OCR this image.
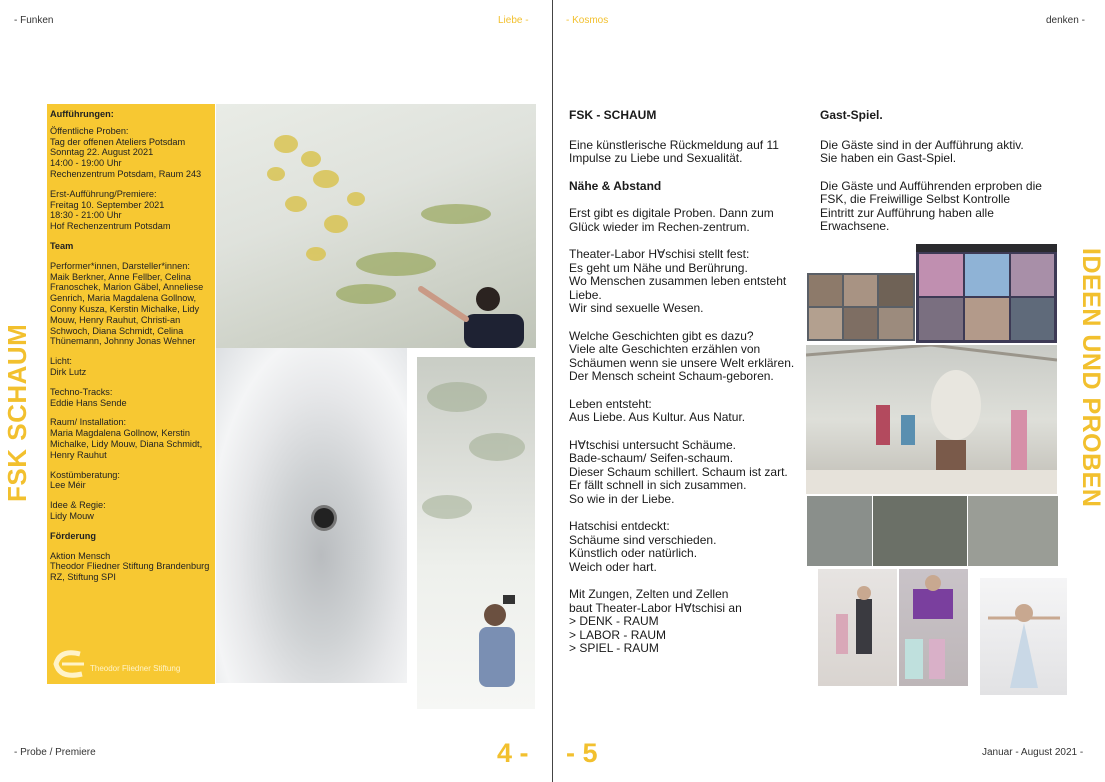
- Funken	Liebe -	- Kosmos	denken -
FSK SCHAUM	IDEEN UND PROBEN
Aufführungen:
Öffentliche Proben:
Tag der offenen Ateliers Potsdam
Sonntag 22. August 2021
14:00 - 19:00 Uhr
Rechenzentrum Potsdam, Raum 243
Erst-Aufführung/Premiere:
Freitag 10. September 2021
18:30 - 21:00 Uhr
Hof Rechenzentrum Potsdam
Team
Performer*innen, Darsteller*innen:
Maik Berkner, Anne Fellber, Celina Franoschek, Marion Gäbel, Anneliese Genrich, Maria Magdalena Gollnow, Conny Kusza, Kerstin Michalke, Lidy Mouw, Henry Rauhut, Christi-an Schwoch, Diana Schmidt, Celina Thünemann, Johnny Jonas Wehner
Licht:
Dirk Lutz
Techno-Tracks:
Eddie Hans Sende
Raum/ Installation:
Maria Magdalena Gollnow, Kerstin Michalke, Lidy Mouw, Diana Schmidt, Henry Rauhut
Kostümberatung:
Lee Méir
Idee & Regie:
Lidy Mouw
Förderung
Aktion Mensch
Theodor Fliedner Stiftung Brandenburg
RZ, Stiftung SPI
Theodor Fliedner Stiftung
FSK - SCHAUM
Eine künstlerische Rückmeldung auf 11
Impulse zu Liebe und Sexualität.
Nähe & Abstand
Erst gibt es digitale Proben. Dann zum
Glück wieder im Rechen-zentrum.
Theater-Labor H∀schisi stellt fest:
Es geht um Nähe und Berührung.
Wo Menschen zusammen leben entsteht
Liebe.
Wir sind sexuelle Wesen.
Welche Geschichten gibt es dazu?
Viele alte Geschichten erzählen von
Schäumen wenn sie unsere Welt erklären.
Der Mensch scheint Schaum-geboren.
Leben entsteht:
Aus Liebe. Aus Kultur. Aus Natur.
H∀tschisi untersucht Schäume.
Bade-schaum/ Seifen-schaum.
Dieser Schaum schillert. Schaum ist zart.
Er fällt schnell in sich zusammen.
So wie in der Liebe.
Hatschisi entdeckt:
Schäume sind verschieden.
Künstlich oder natürlich.
Weich oder hart.
Mit Zungen, Zelten und Zellen
baut Theater-Labor H∀tschisi an
> DENK - RAUM
> LABOR - RAUM
> SPIEL - RAUM
Gast-Spiel.
Die Gäste sind in der Aufführung aktiv.
Sie haben ein Gast-Spiel.
Die Gäste und Aufführenden erproben die
FSK, die Freiwillige Selbst Kontrolle
Eintritt zur Aufführung haben alle
Erwachsene.
- Probe / Premiere	4 - - 5	Januar - August 2021 -
